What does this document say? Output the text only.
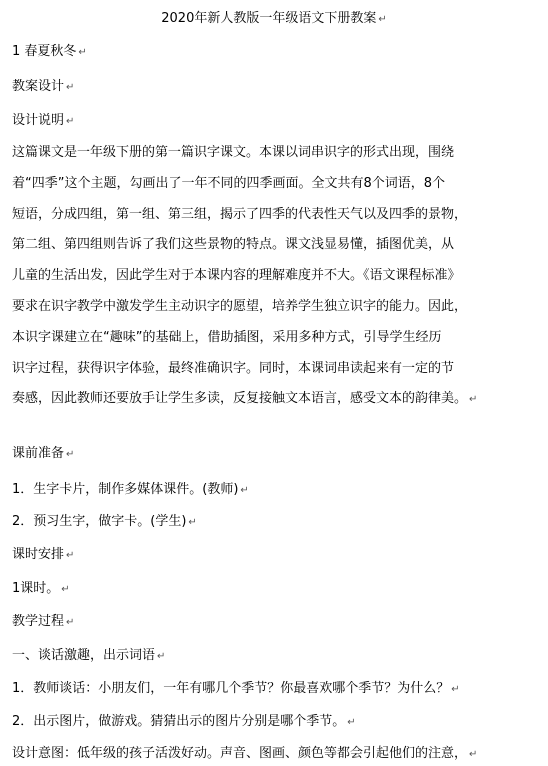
2020年新人教版一年级语文下册教案 ↵
1 春夏秋冬 ↵
教案设计 ↵
设计说明 ↵
这篇课文是一年级下册的第一篇识字课文。本课以词串识字的形式出现，围绕
着“四季”这个主题，勾画出了一年不同的四季画面。全文共有8个词语，8个
短语，分成四组，第一组、第三组，揭示了四季的代表性天气以及四季的景物，
第二组、第四组则告诉了我们这些景物的特点。课文浅显易懂，插图优美，从
儿童的生活出发，因此学生对于本课内容的理解难度并不大。《语文课程标准》
要求在识字教学中激发学生主动识字的愿望，培养学生独立识字的能力。因此，
本识字课建立在“趣味”的基础上，借助插图，采用多种方式，引导学生经历
识字过程，获得识字体验，最终准确识字。同时，本课词串读起来有一定的节
奏感，因此教师还要放手让学生多读，反复接触文本语言，感受文本的韵律美。 ↵
课前准备 ↵
1．生字卡片，制作多媒体课件。(教师) ↵
2．预习生字，做字卡。(学生) ↵
课时安排 ↵
1课时。 ↵
教学过程 ↵
一、谈话激趣，出示词语 ↵
1．教师谈话：小朋友们，一年有哪几个季节？你最喜欢哪个季节？为什么？ ↵
2．出示图片，做游戏。猜猜出示的图片分别是哪个季节。 ↵
设计意图：低年级的孩子活泼好动。声音、图画、颜色等都会引起他们的注意， ↵
